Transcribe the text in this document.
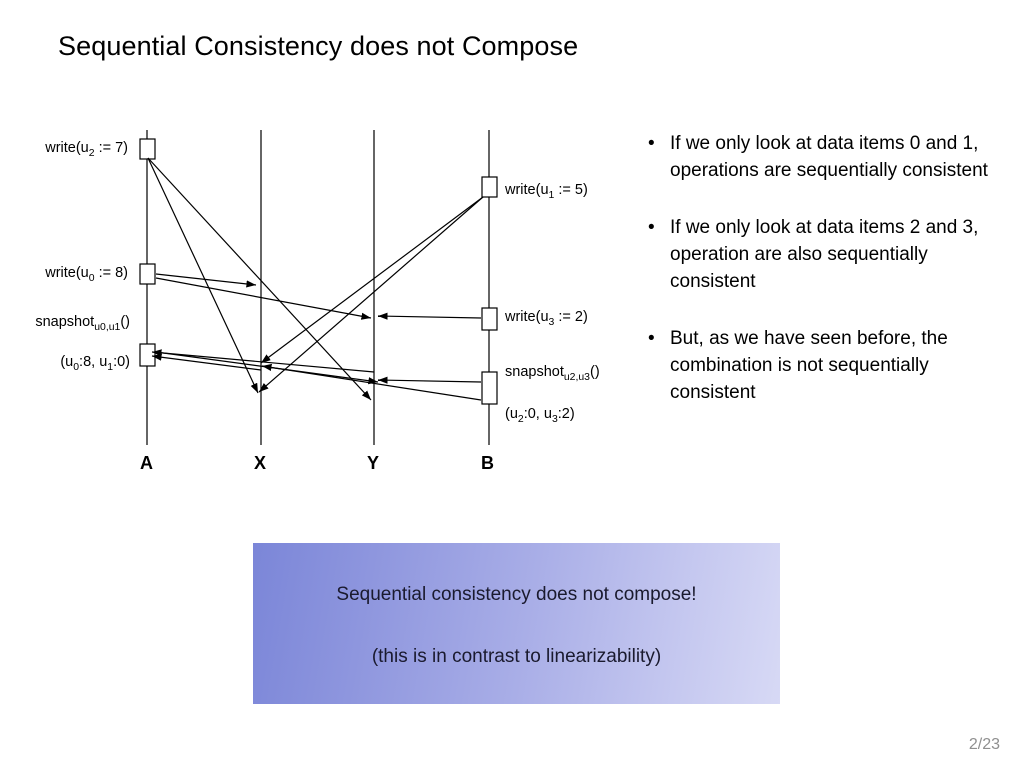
Sequential Consistency does not Compose
$write(u_2$ := 7)
$write(u_0$ := 8)
snapshot$_{u0,u1}$()
($u_0:8$, $u_1:0$)
$write(u_1$ := 5)
$write(u_3$ := 2)
snapshot$_{u2,u3}$()
($u_2:0$, $u_3:2$)
A	X	Y	B
• If we only look at data items 0 and 1, operations are sequentially consistent
• If we only look at data items 2 and 3, operation are also sequentially consistent
• But, as we have seen before, the combination is not sequentially consistent
Sequential consistency does not compose!
(this is in contrast to linearizability)
2/23
